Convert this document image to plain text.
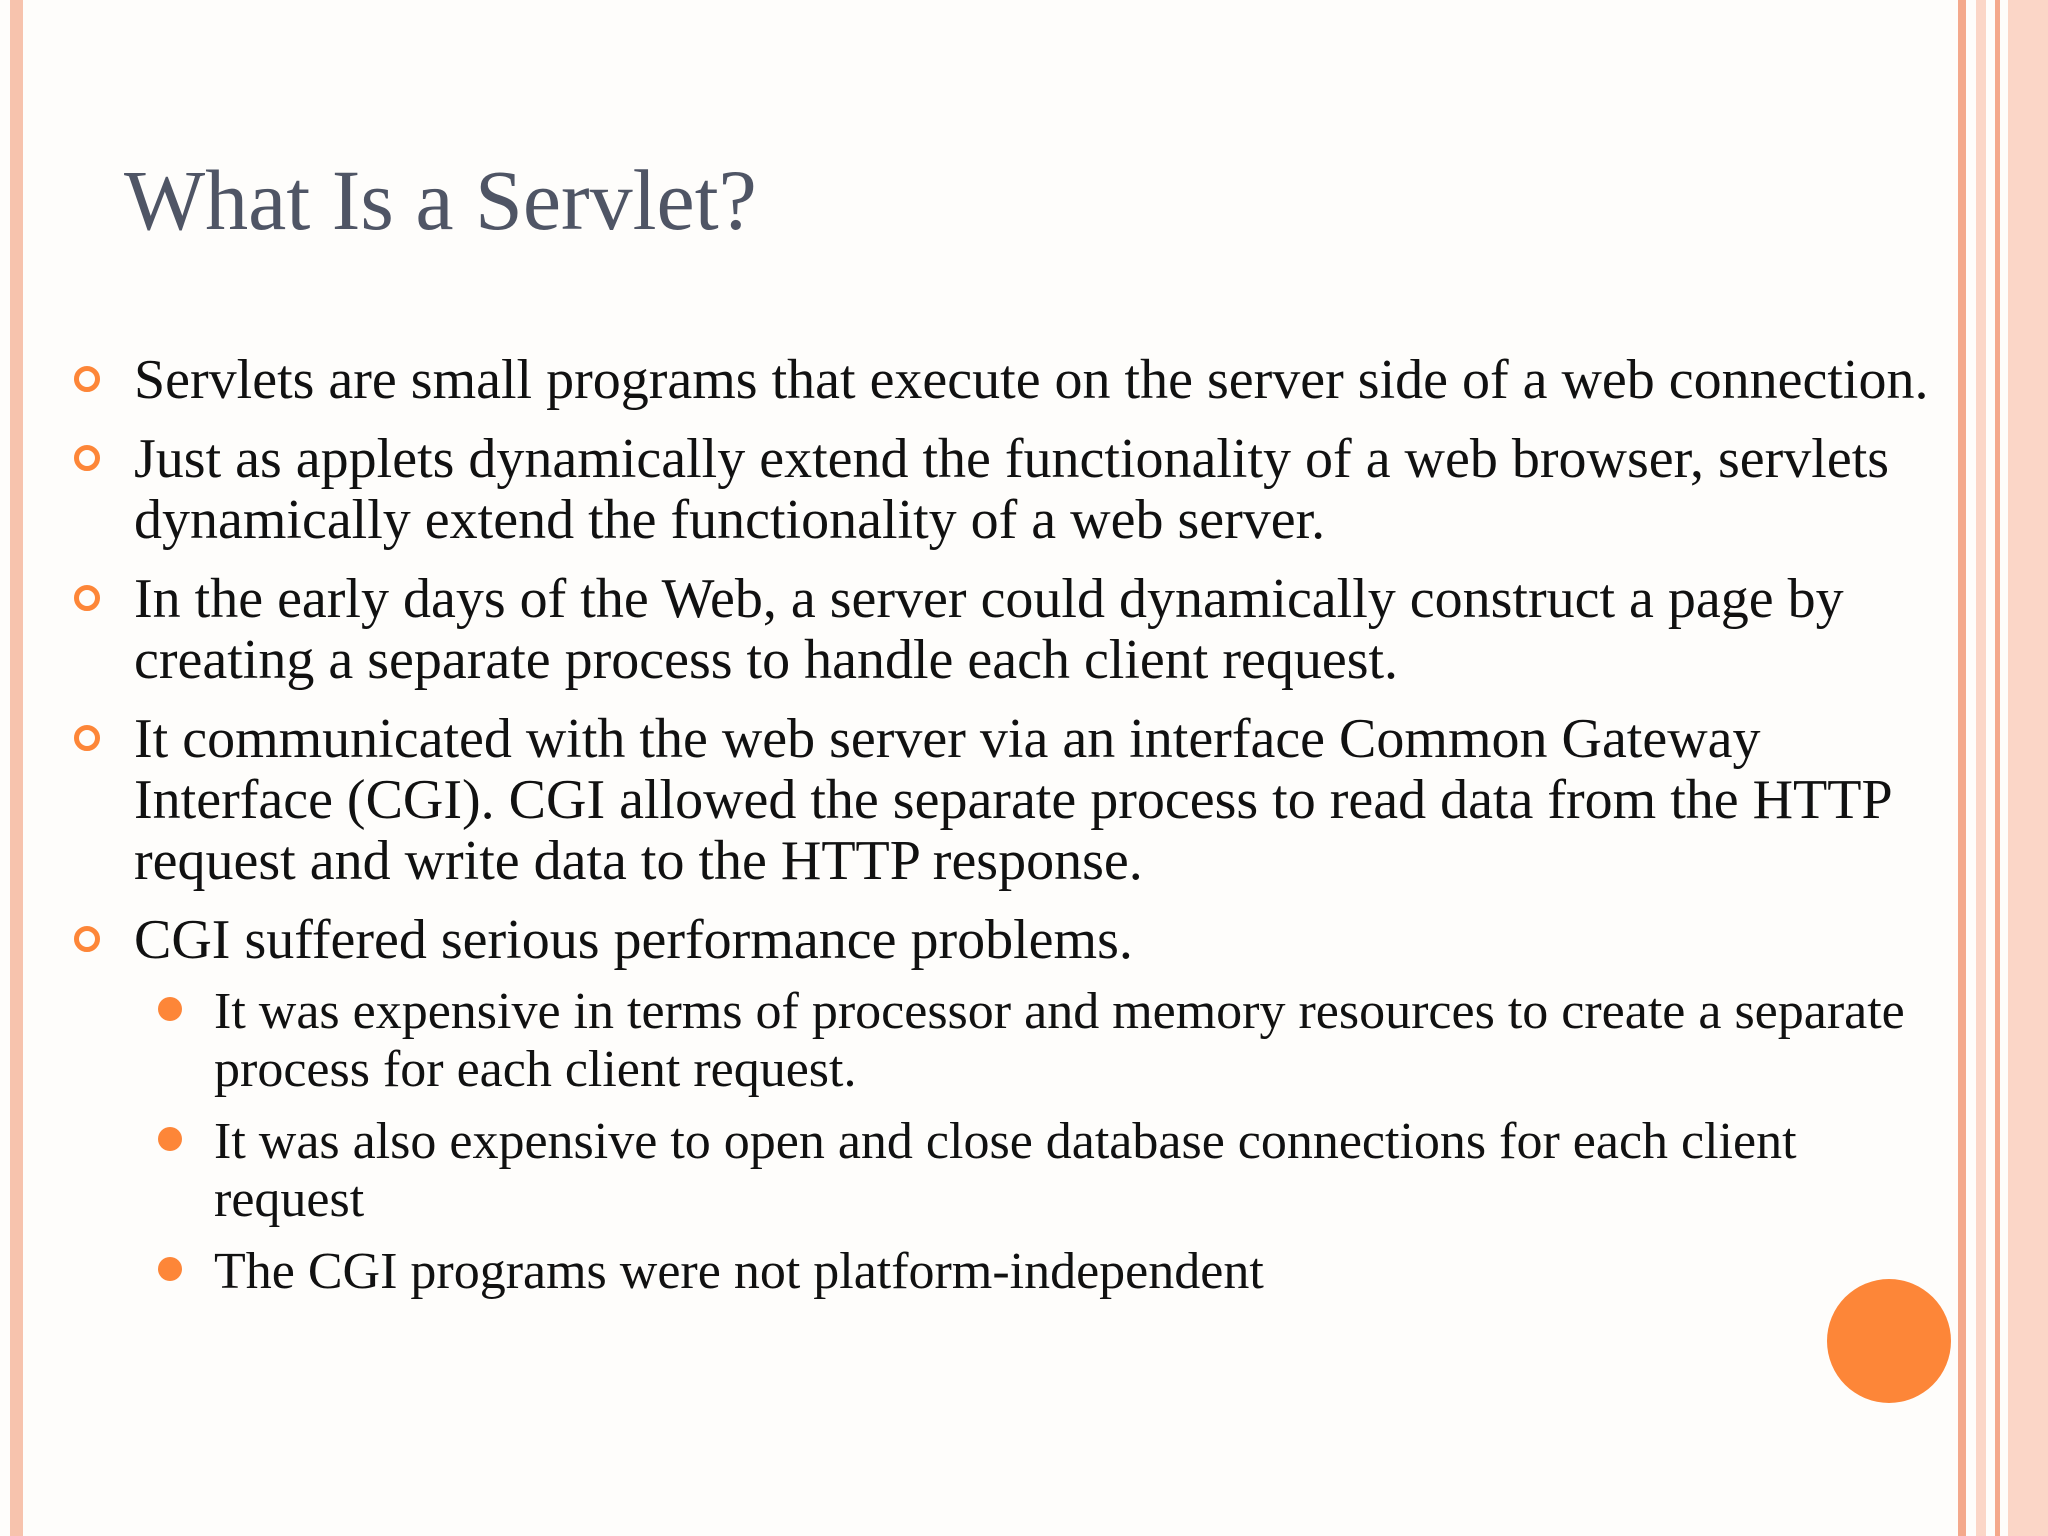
What Is a Servlet?

Servlets are small programs that execute on the server side of a web connection.

Just as applets dynamically extend the functionality of a web browser, servlets dynamically extend the functionality of a web server.

In the early days of the Web, a server could dynamically construct a page by creating a separate process to handle each client request.

It communicated with the web server via an interface Common Gateway Interface (CGI). CGI allowed the separate process to read data from the HTTP request and write data to the HTTP response.

CGI suffered serious performance problems.

It was expensive in terms of processor and memory resources to create a separate process for each client request.

It was also expensive to open and close database connections for each client request

The CGI programs were not platform-independent
